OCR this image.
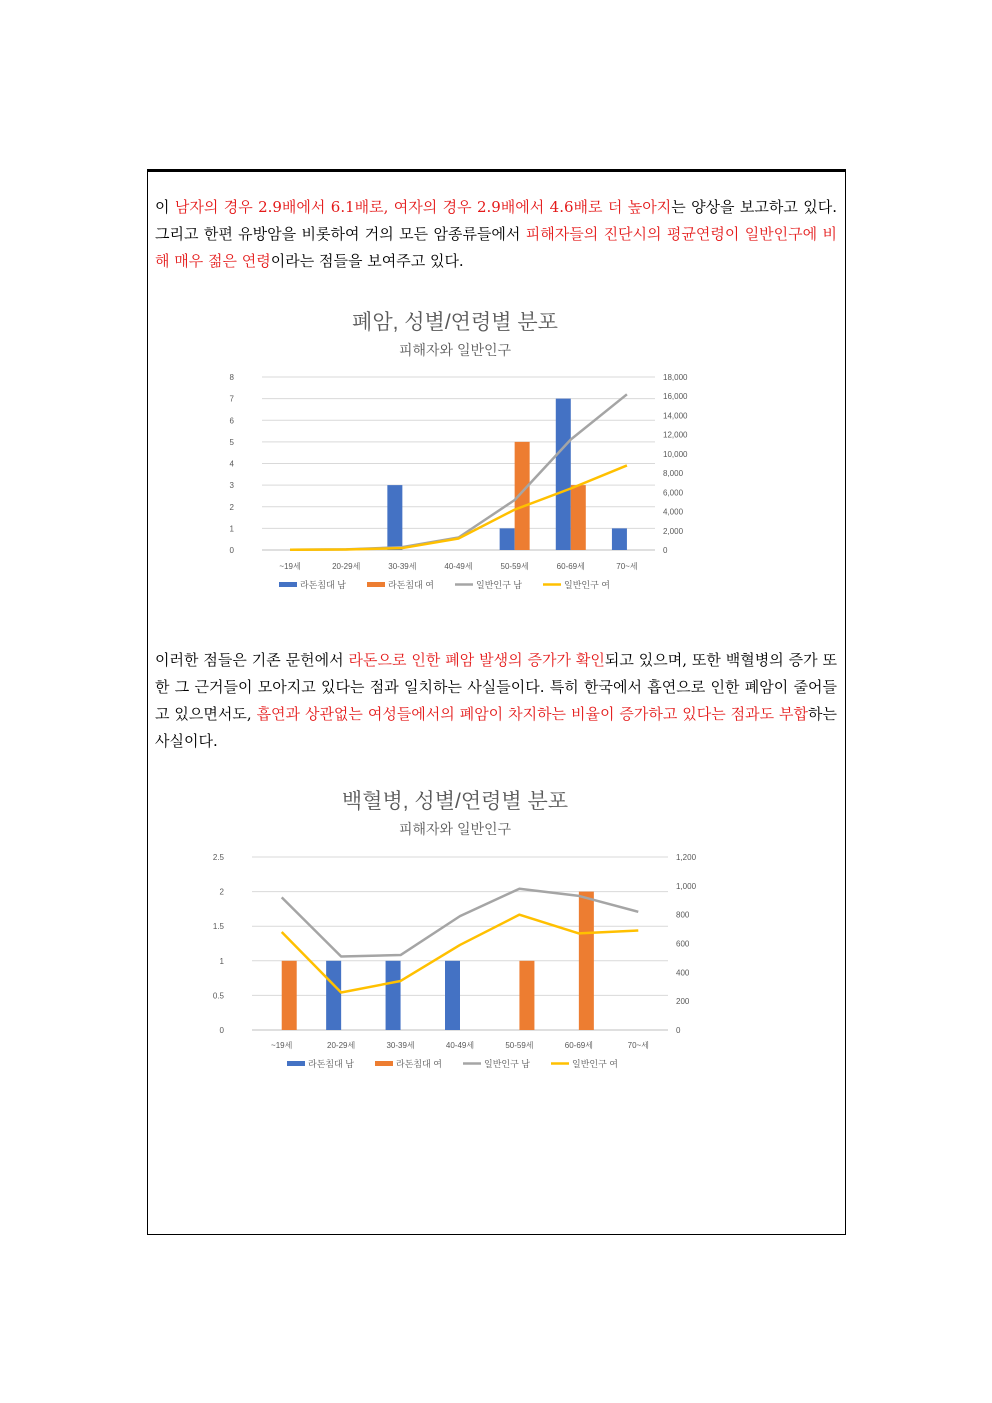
이 남자의 경우 2.9배에서 6.1배로, 여자의 경우 2.9배에서 4.6배로 더 높아지는 양상을 보고하고 있다. 그리고 한편 유방암을 비롯하여 거의 모든 암종류들에서 피해자들의 진단시의 평균연령이 일반인구에 비해 매우 젊은 연령이라는 점들을 보여주고 있다.
폐암, 성별/연령별 분포
피해자와 일반인구
0
1
2
3
4
5
6
7
8
0
2,000
4,000
6,000
8,000
10,000
12,000
14,000
16,000
18,000
~19세	20-29세	30-39세	40-49세	50-59세	60-69세	70~세
라돈침대 남	라돈침대 여	일반인구 남	일반인구 여
이러한 점들은 기존 문헌에서 라돈으로 인한 폐암 발생의 증가가 확인되고 있으며, 또한 백혈병의 증가 또한 그 근거들이 모아지고 있다는 점과 일치하는 사실들이다. 특히 한국에서 흡연으로 인한 폐암이 줄어들고 있으면서도, 흡연과 상관없는 여성들에서의 폐암이 차지하는 비율이 증가하고 있다는 점과도 부합하는 사실이다.
백혈병, 성별/연령별 분포
피해자와 일반인구
0
0.5
1
1.5
2
2.5
0
200
400
600
800
1,000
1,200
~19세	20-29세	30-39세	40-49세	50-59세	60-69세	70~세
라돈침대 남	라돈침대 여	일반인구 남	일반인구 여
